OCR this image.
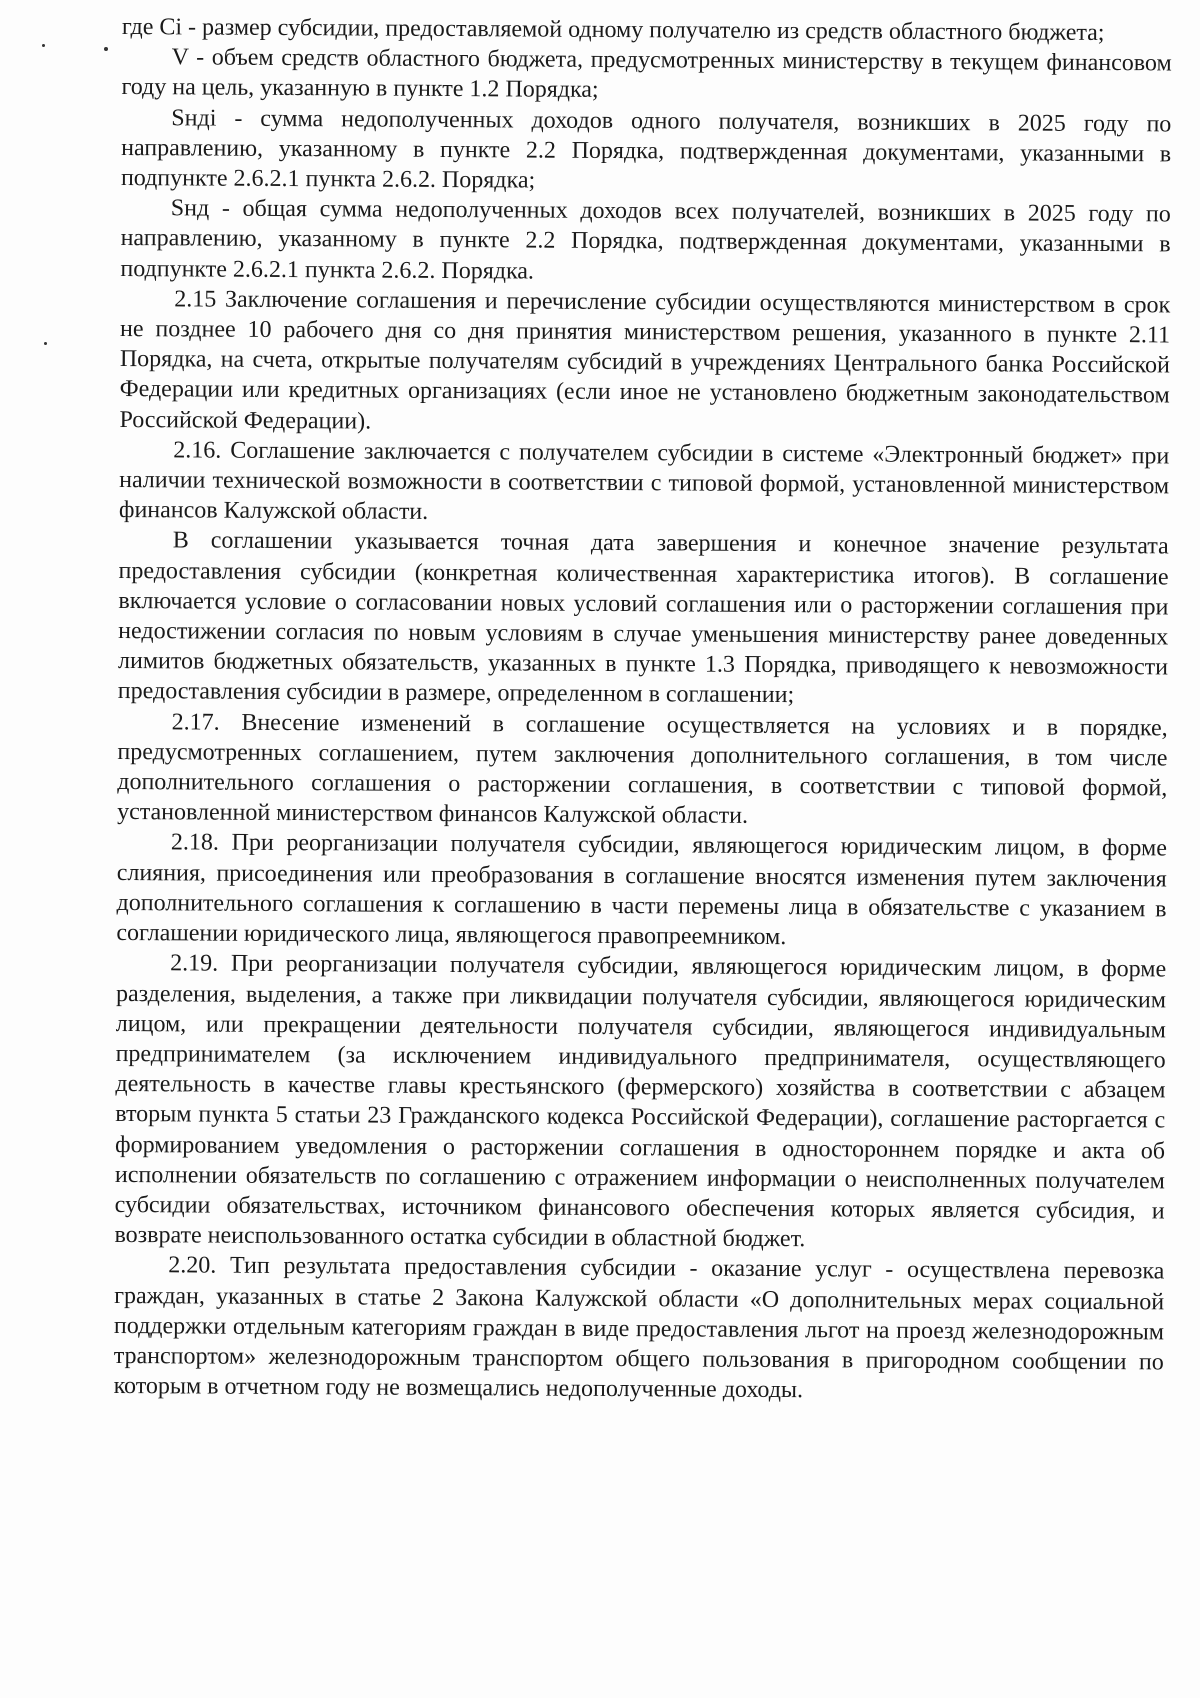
где Ci - размер субсидии, предоставляемой одному получателю из средств областного бюджета;

V - объем средств областного бюджета, предусмотренных министерству в текущем финансовом году на цель, указанную в пункте 1.2 Порядка;

Sндi - сумма недополученных доходов одного получателя, возникших в 2025 году по направлению, указанному в пункте 2.2 Порядка, подтвержденная документами, указанными в подпункте 2.6.2.1 пункта 2.6.2. Порядка;

Sнд - общая сумма недополученных доходов всех получателей, возникших в 2025 году по направлению, указанному в пункте 2.2 Порядка, подтвержденная документами, указанными в подпункте 2.6.2.1 пункта 2.6.2. Порядка.

2.15 Заключение соглашения и перечисление субсидии осуществляются министерством в срок не позднее 10 рабочего дня со дня принятия министерством решения, указанного в пункте 2.11 Порядка, на счета, открытые получателям субсидий в учреждениях Центрального банка Российской Федерации или кредитных организациях (если иное не установлено бюджетным законодательством Российской Федерации).

2.16. Соглашение заключается с получателем субсидии в системе «Электронный бюджет» при наличии технической возможности в соответствии с типовой формой, установленной министерством финансов Калужской области.

В соглашении указывается точная дата завершения и конечное значение результата предоставления субсидии (конкретная количественная характеристика итогов). В соглашение включается условие о согласовании новых условий соглашения или о расторжении соглашения при недостижении согласия по новым условиям в случае уменьшения министерству ранее доведенных лимитов бюджетных обязательств, указанных в пункте 1.3 Порядка, приводящего к невозможности предоставления субсидии в размере, определенном в соглашении;

2.17. Внесение изменений в соглашение осуществляется на условиях и в порядке, предусмотренных соглашением, путем заключения дополнительного соглашения, в том числе дополнительного соглашения о расторжении соглашения, в соответствии с типовой формой, установленной министерством финансов Калужской области.

2.18. При реорганизации получателя субсидии, являющегося юридическим лицом, в форме слияния, присоединения или преобразования в соглашение вносятся изменения путем заключения дополнительного соглашения к соглашению в части перемены лица в обязательстве с указанием в соглашении юридического лица, являющегося правопреемником.

2.19. При реорганизации получателя субсидии, являющегося юридическим лицом, в форме разделения, выделения, а также при ликвидации получателя субсидии, являющегося юридическим лицом, или прекращении деятельности получателя субсидии, являющегося индивидуальным предпринимателем (за исключением индивидуального предпринимателя, осуществляющего деятельность в качестве главы крестьянского (фермерского) хозяйства в соответствии с абзацем вторым пункта 5 статьи 23 Гражданского кодекса Российской Федерации), соглашение расторгается с формированием уведомления о расторжении соглашения в одностороннем порядке и акта об исполнении обязательств по соглашению с отражением информации о неисполненных получателем субсидии обязательствах, источником финансового обеспечения которых является субсидия, и возврате неиспользованного остатка субсидии в областной бюджет.

2.20. Тип результата предоставления субсидии - оказание услуг - осуществлена перевозка граждан, указанных в статье 2 Закона Калужской области «О дополнительных мерах социальной поддержки отдельным категориям граждан в виде предоставления льгот на проезд железнодорожным транспортом» железнодорожным транспортом общего пользования в пригородном сообщении по которым в отчетном году не возмещались недополученные доходы.
